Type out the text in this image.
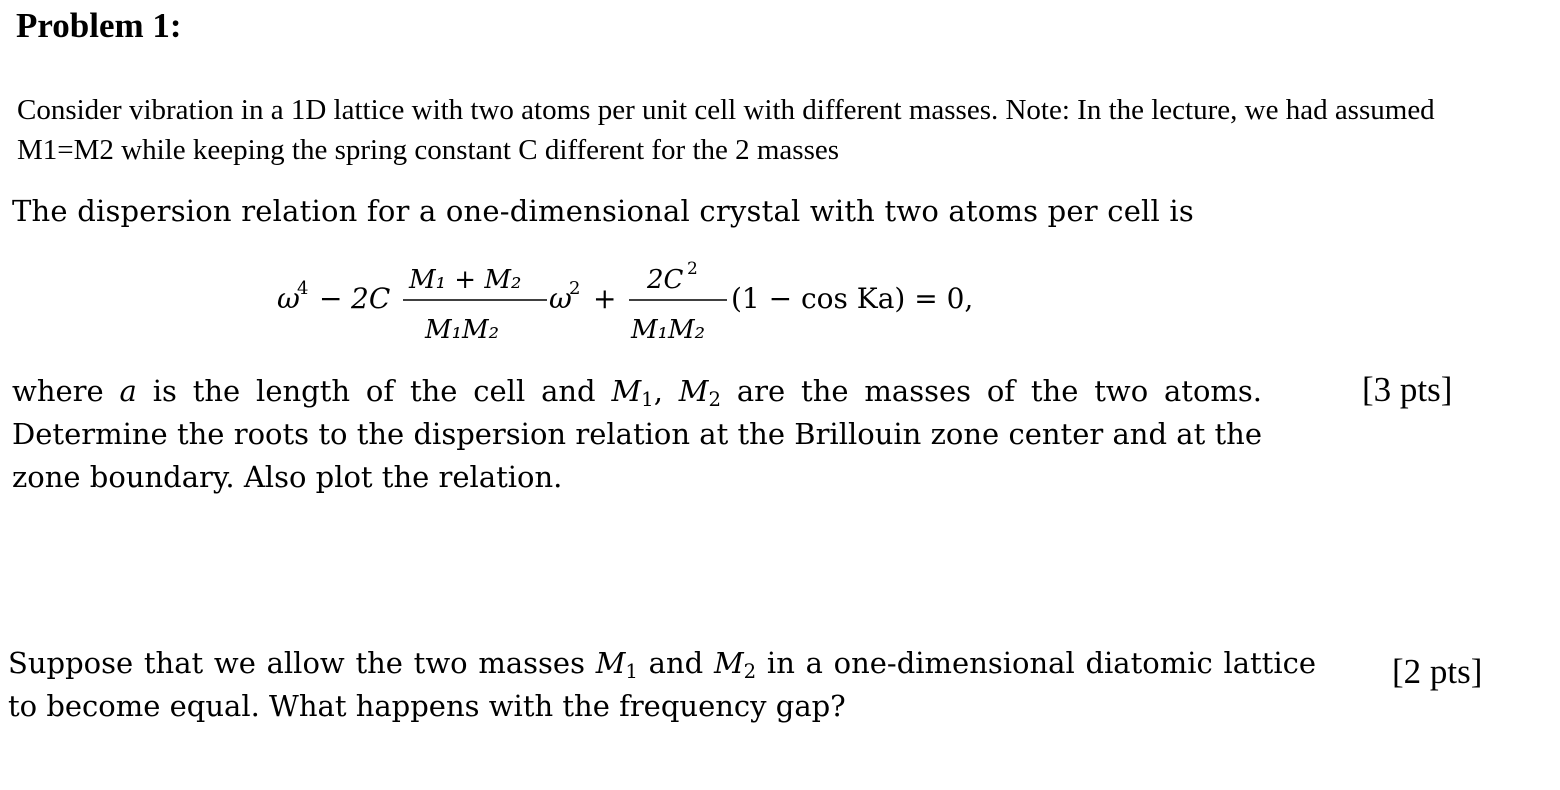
Problem 1:
Consider vibration in a 1D lattice with two atoms per unit cell with different masses. Note: In the lecture, we had assumed M1=M2 while keeping the spring constant C different for the 2 masses
The dispersion relation for a one-dimensional crystal with two atoms per cell is
ω
4 − 2C
M₁ + M₂
M₁M₂
ω
2 +
2C 2
M₁M₂
(1 − cos Ka) = 0,
where a is the length of the cell and $M_1$, $M_2$ are the masses of the two atoms. Determine the roots to the dispersion relation at the Brillouin zone center and at the zone boundary. Also plot the relation.
[3 pts]
Suppose that we allow the two masses $M_1$ and $M_2$ in a one-dimensional diatomic lattice to become equal. What happens with the frequency gap?
[2 pts]
